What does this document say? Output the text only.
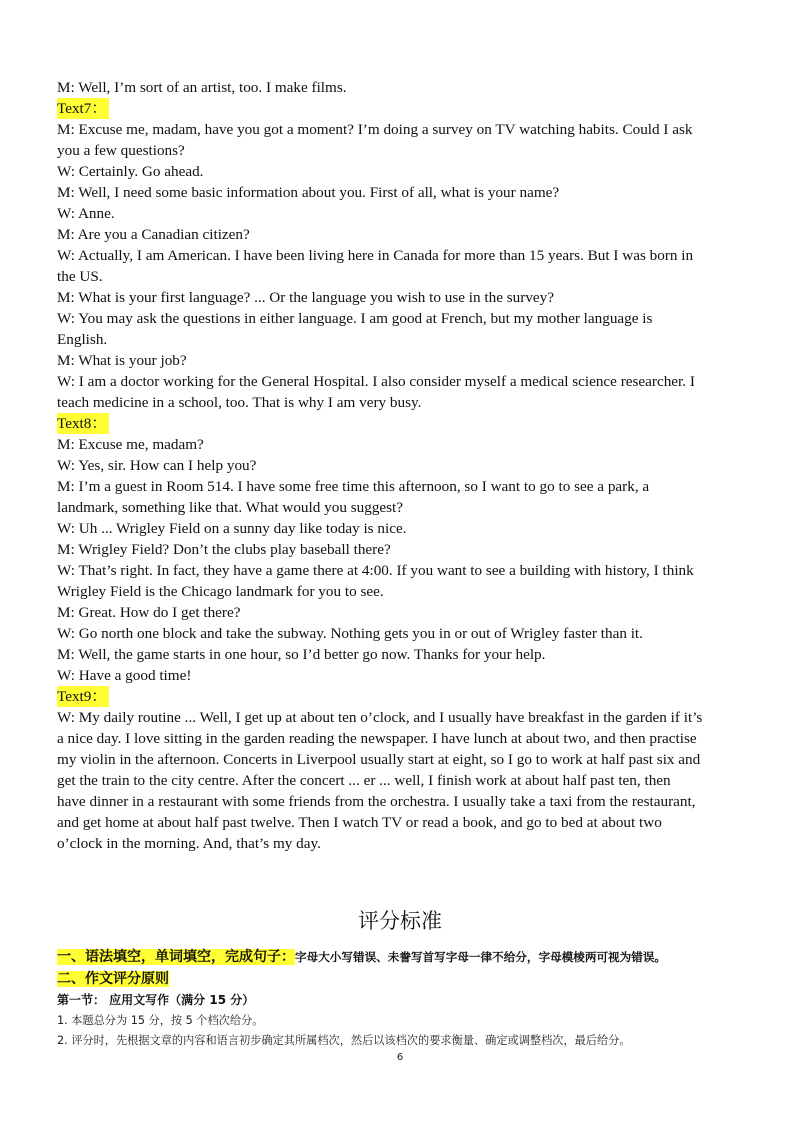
M: Well, I’m sort of an artist, too. I make films.
Text7：
M: Excuse me, madam, have you got a moment? I’m doing a survey on TV watching habits. Could I ask
you a few questions?
W: Certainly. Go ahead.
M: Well, I need some basic information about you. First of all, what is your name?
W: Anne.
M: Are you a Canadian citizen?
W: Actually, I am American. I have been living here in Canada for more than 15 years. But I was born in
the US.
M: What is your first language? ... Or the language you wish to use in the survey?
W: You may ask the questions in either language. I am good at French, but my mother language is
English.
M: What is your job?
W: I am a doctor working for the General Hospital. I also consider myself a medical science researcher. I
teach medicine in a school, too. That is why I am very busy.
Text8：
M: Excuse me, madam?
W: Yes, sir. How can I help you?
M: I’m a guest in Room 514. I have some free time this afternoon, so I want to go to see a park, a
landmark, something like that. What would you suggest?
W: Uh ... Wrigley Field on a sunny day like today is nice.
M: Wrigley Field? Don’t the clubs play baseball there?
W: That’s right. In fact, they have a game there at 4:00. If you want to see a building with history, I think
Wrigley Field is the Chicago landmark for you to see.
M: Great. How do I get there?
W: Go north one block and take the subway. Nothing gets you in or out of Wrigley faster than it.
M: Well, the game starts in one hour, so I’d better go now. Thanks for your help.
W: Have a good time!
Text9：
W: My daily routine ... Well, I get up at about ten o’clock, and I usually have breakfast in the garden if it’s
a nice day. I love sitting in the garden reading the newspaper. I have lunch at about two, and then practise
my violin in the afternoon. Concerts in Liverpool usually start at eight, so I go to work at half past six and
get the train to the city centre. After the concert ... er ... well, I finish work at about half past ten, then
have dinner in a restaurant with some friends from the orchestra. I usually take a taxi from the restaurant,
and get home at about half past twelve. Then I watch TV or read a book, and go to bed at about two
o’clock in the morning. And, that’s my day.
评分标准
一、语法填空，单词填空，完成句子：字母大小写错误、未誊写首写字母一律不给分，字母模棱两可视为错误。
二、作文评分原则
第一节： 应用文写作（满分 15 分）
1. 本题总分为 15 分，按 5 个档次给分。
2. 评分时，先根据文章的内容和语言初步确定其所属档次，然后以该档次的要求衡量、确定或调整档次，最后给分。
6
